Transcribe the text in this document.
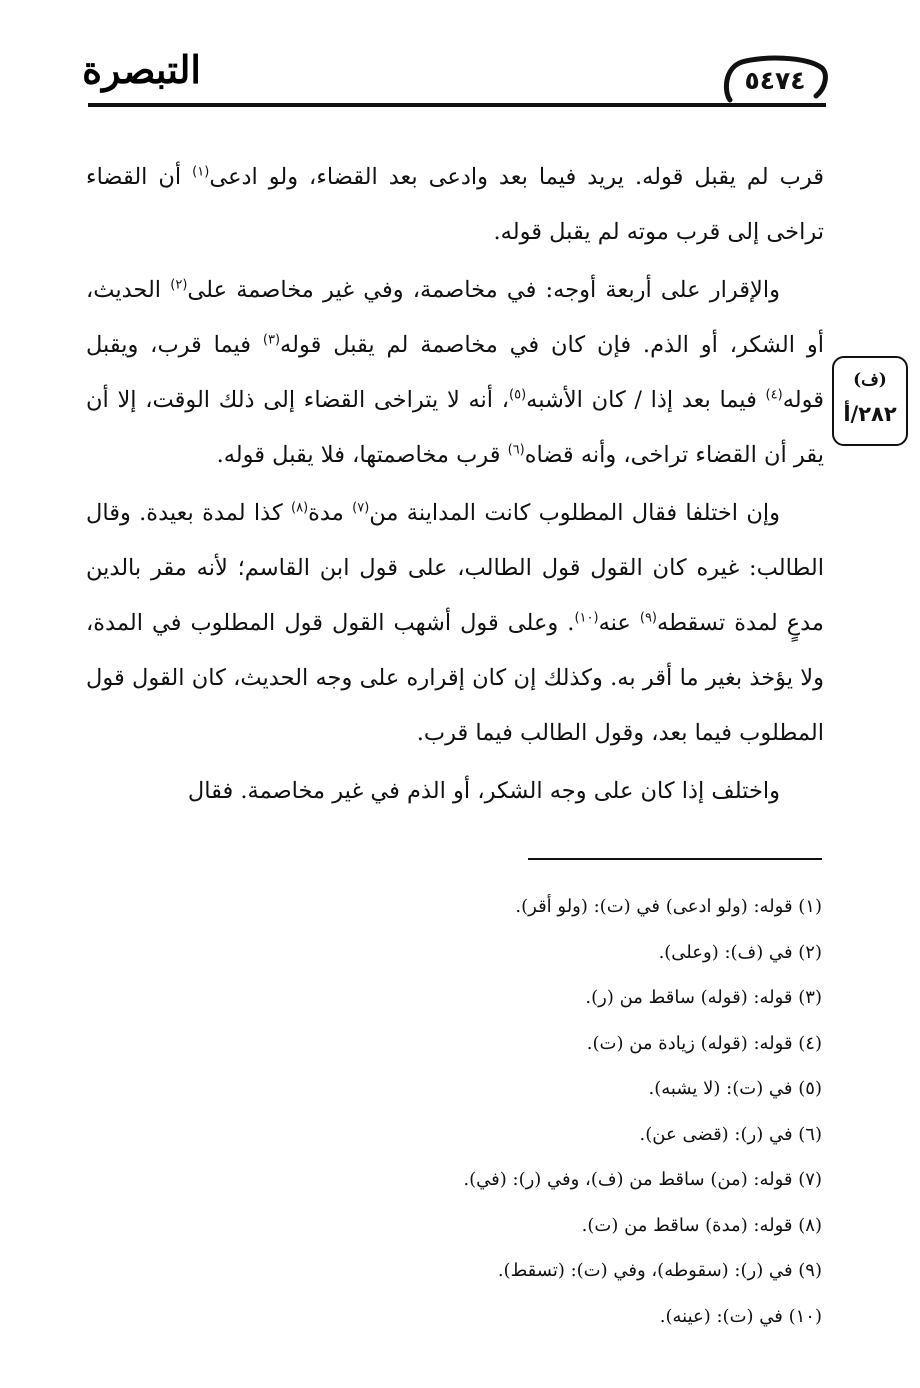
التبصرة	٥٤٧٤
(ف)
٢٨٢/أ

قرب لم يقبل قوله. يريد فيما بعد وادعى بعد القضاء، ولو ادعى$^{(١)}$ أن القضاء تراخى إلى قرب موته لم يقبل قوله.

والإقرار على أربعة أوجه: في مخاصمة، وفي غير مخاصمة على$^{(٢)}$ الحديث، أو الشكر، أو الذم. فإن كان في مخاصمة لم يقبل قوله$^{(٣)}$ فيما قرب، ويقبل قوله$^{(٤)}$ فيما بعد إذا / كان الأشبه$^{(٥)}$، أنه لا يتراخى القضاء إلى ذلك الوقت، إلا أن يقر أن القضاء تراخى، وأنه قضاه$^{(٦)}$ قرب مخاصمتها، فلا يقبل قوله.

وإن اختلفا فقال المطلوب كانت المداينة من$^{(٧)}$ مدة$^{(٨)}$ كذا لمدة بعيدة. وقال الطالب: غيره كان القول قول الطالب، على قول ابن القاسم؛ لأنه مقر بالدين مدعٍ لمدة تسقطه$^{(٩)}$ عنه$^{(١٠)}$. وعلى قول أشهب القول قول المطلوب في المدة، ولا يؤخذ بغير ما أقر به. وكذلك إن كان إقراره على وجه الحديث، كان القول قول المطلوب فيما بعد، وقول الطالب فيما قرب.

واختلف إذا كان على وجه الشكر، أو الذم في غير مخاصمة. فقال

(١) قوله: (ولو ادعى) في (ت): (ولو أقر).
(٢) في (ف): (وعلى).
(٣) قوله: (قوله) ساقط من (ر).
(٤) قوله: (قوله) زيادة من (ت).
(٥) في (ت): (لا يشبه).
(٦) في (ر): (قضى عن).
(٧) قوله: (من) ساقط من (ف)، وفي (ر): (في).
(٨) قوله: (مدة) ساقط من (ت).
(٩) في (ر): (سقوطه)، وفي (ت): (تسقط).
(١٠) في (ت): (عينه).
